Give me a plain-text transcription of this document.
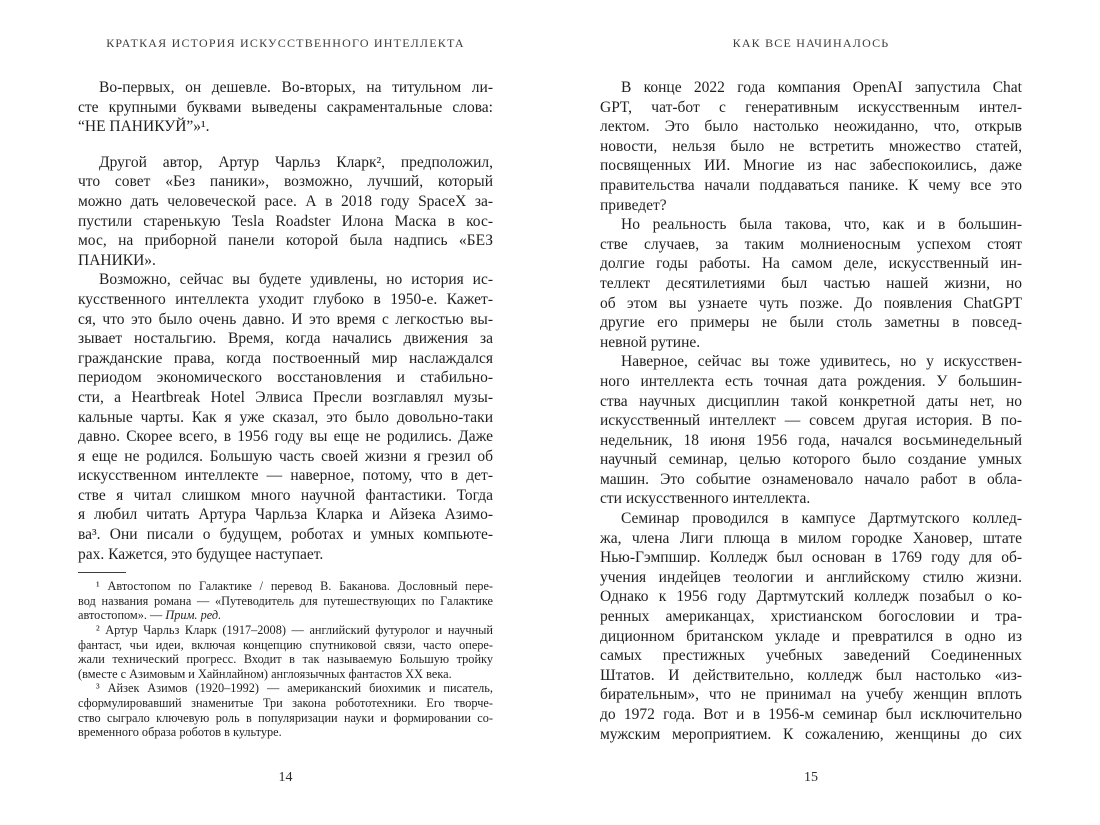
КРАТКАЯ ИСТОРИЯ ИСКУССТВЕННОГО ИНТЕЛЛЕКТА
Во-первых, он дешевле. Во-вторых, на титульном ли-
сте крупными буквами выведены сакраментальные слова:
“НЕ ПАНИКУЙ”»¹.
Другой автор, Артур Чарльз Кларк², предположил,
что совет «Без паники», возможно, лучший, который
можно дать человеческой расе. А в 2018 году SpaceX за-
пустили старенькую Tesla Roadster Илона Маска в кос-
мос, на приборной панели которой была надпись «БЕЗ
ПАНИКИ».
Возможно, сейчас вы будете удивлены, но история ис-
кусственного интеллекта уходит глубоко в 1950-е. Кажет-
ся, что это было очень давно. И это время с легкостью вы-
зывает ностальгию. Время, когда начались движения за
гражданские права, когда поствоенный мир наслаждался
периодом экономического восстановления и стабильно-
сти, а Heartbreak Hotel Элвиса Пресли возглавлял музы-
кальные чарты. Как я уже сказал, это было довольно-таки
давно. Скорее всего, в 1956 году вы еще не родились. Даже
я еще не родился. Большую часть своей жизни я грезил об
искусственном интеллекте — наверное, потому, что в дет-
стве я читал слишком много научной фантастики. Тогда
я любил читать Артура Чарльза Кларка и Айзека Азимо-
ва³. Они писали о будущем, роботах и умных компьюте-
рах. Кажется, это будущее наступает.
¹ Автостопом по Галактике / перевод В. Баканова. Дословный пере-
вод названия романа — «Путеводитель для путешествующих по Галактике
автостопом». — Прим. ред.
² Артур Чарльз Кларк (1917–2008) — английский футуролог и научный
фантаст, чьи идеи, включая концепцию спутниковой связи, часто опере-
жали технический прогресс. Входит в так называемую Большую тройку
(вместе с Азимовым и Хайнлайном) англоязычных фантастов XX века.
³ Айзек Азимов (1920–1992) — американский биохимик и писатель,
сформулировавший знаменитые Три закона робототехники. Его творче-
ство сыграло ключевую роль в популяризации науки и формировании со-
временного образа роботов в культуре.
14
КАК ВСЕ НАЧИНАЛОСЬ
В конце 2022 года компания OpenAI запустила Chat
GPT, чат-бот с генеративным искусственным интел-
лектом. Это было настолько неожиданно, что, открыв
новости, нельзя было не встретить множество статей,
посвященных ИИ. Многие из нас забеспокоились, даже
правительства начали поддаваться панике. К чему все это
приведет?
Но реальность была такова, что, как и в большин-
стве случаев, за таким молниеносным успехом стоят
долгие годы работы. На самом деле, искусственный ин-
теллект десятилетиями был частью нашей жизни, но
об этом вы узнаете чуть позже. До появления ChatGPT
другие его примеры не были столь заметны в повсед-
невной рутине.
Наверное, сейчас вы тоже удивитесь, но у искусствен-
ного интеллекта есть точная дата рождения. У большин-
ства научных дисциплин такой конкретной даты нет, но
искусственный интеллект — совсем другая история. В по-
недельник, 18 июня 1956 года, начался восьминедельный
научный семинар, целью которого было создание умных
машин. Это событие ознаменовало начало работ в обла-
сти искусственного интеллекта.
Семинар проводился в кампусе Дартмутского коллед-
жа, члена Лиги плюща в милом городке Хановер, штате
Нью-Гэмпшир. Колледж был основан в 1769 году для об-
учения индейцев теологии и английскому стилю жизни.
Однако к 1956 году Дартмутский колледж позабыл о ко-
ренных американцах, христианском богословии и тра-
диционном британском укладе и превратился в одно из
самых престижных учебных заведений Соединенных
Штатов. И действительно, колледж был настолько «из-
бирательным», что не принимал на учебу женщин вплоть
до 1972 года. Вот и в 1956-м семинар был исключительно
мужским мероприятием. К сожалению, женщины до сих
15
